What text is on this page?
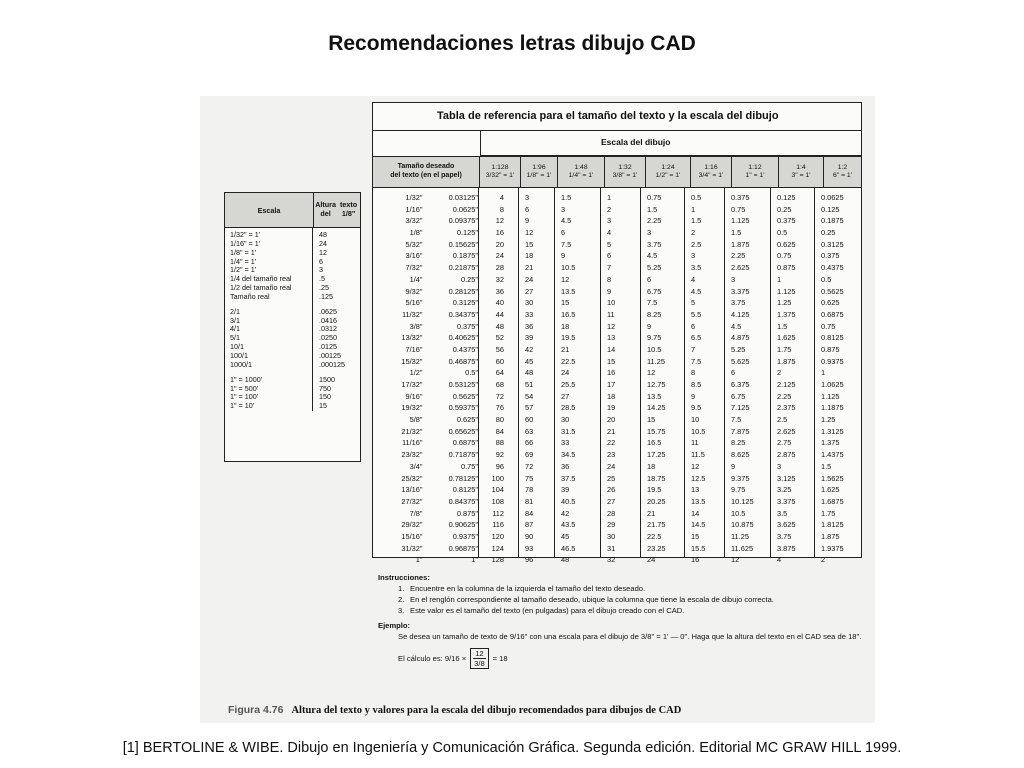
Recomendaciones letras dibujo CAD
Escala
Altura del
texto 1/8"
1/32" = 1'
1/16" = 1'
1/8" = 1'
1/4" = 1'
1/2" = 1'
1/4 del tamaño real
1/2 del tamaño real
Tamaño real
2/1
3/1
4/1
5/1
10/1
100/1
1000/1
1" = 1000'
1" = 500'
1" = 100'
1" = 10'
48
24
12
6
3
.5
.25
.125
.0625
.0416
.0312
.0250
.0125
.00125
.000125
1500
750
150
15
Tabla de referencia para el tamaño del texto y la escala del dibujo
Escala del dibujo
Tamaño deseado
del texto (en el papel)
1:128
3/32" = 1'
1:96
1/8" = 1'
1:48
1/4" = 1'
1:32
3/8" = 1'
1:24
1/2" = 1'
1:16
3/4" = 1'
1:12
1" = 1'
1:4
3" = 1'
1:2
6" = 1'
1/32"
1/16"
3/32"
1/8"
5/32"
3/16"
7/32"
1/4"
9/32"
5/16"
11/32"
3/8"
13/32"
7/16"
15/32"
1/2"
17/32"
9/16"
19/32"
5/8"
21/32"
11/16"
23/32"
3/4"
25/32"
13/16"
27/32"
7/8"
29/32"
15/16"
31/32"
1"
0.03125"
0.0625"
0.09375"
0.125"
0.15625"
0.1875"
0.21875"
0.25"
0.28125"
0.3125"
0.34375"
0.375"
0.40625"
0.4375"
0.46875"
0.5"
0.53125"
0.5625"
0.59375"
0.625"
0.65625"
0.6875"
0.71875"
0.75"
0.78125"
0.8125"
0.84375"
0.875"
0.90625"
0.9375"
0.96875"
1"
4
8
12
16
20
24
28
32
36
40
44
48
52
56
60
64
68
72
76
80
84
88
92
96
100
104
108
112
116
120
124
128
3
6
9
12
15
18
21
24
27
30
33
36
39
42
45
48
51
54
57
60
63
66
69
72
75
78
81
84
87
90
93
96
1.5
3
4.5
6
7.5
9
10.5
12
13.5
15
16.5
18
19.5
21
22.5
24
25.5
27
28.5
30
31.5
33
34.5
36
37.5
39
40.5
42
43.5
45
46.5
48
1
2
3
4
5
6
7
8
9
10
11
12
13
14
15
16
17
18
19
20
21
22
23
24
25
26
27
28
29
30
31
32
0.75
1.5
2.25
3
3.75
4.5
5.25
6
6.75
7.5
8.25
9
9.75
10.5
11.25
12
12.75
13.5
14.25
15
15.75
16.5
17.25
18
18.75
19.5
20.25
21
21.75
22.5
23.25
24
0.5
1
1.5
2
2.5
3
3.5
4
4.5
5
5.5
6
6.5
7
7.5
8
8.5
9
9.5
10
10.5
11
11.5
12
12.5
13
13.5
14
14.5
15
15.5
16
0.375
0.75
1.125
1.5
1.875
2.25
2.625
3
3.375
3.75
4.125
4.5
4.875
5.25
5.625
6
6.375
6.75
7.125
7.5
7.875
8.25
8.625
9
9.375
9.75
10.125
10.5
10.875
11.25
11.625
12
0.125
0.25
0.375
0.5
0.625
0.75
0.875
1
1.125
1.25
1.375
1.5
1.625
1.75
1.875
2
2.125
2.25
2.375
2.5
2.625
2.75
2.875
3
3.125
3.25
3.375
3.5
3.625
3.75
3.875
4
0.0625
0.125
0.1875
0.25
0.3125
0.375
0.4375
0.5
0.5625
0.625
0.6875
0.75
0.8125
0.875
0.9375
1
1.0625
1.125
1.1875
1.25
1.3125
1.375
1.4375
1.5
1.5625
1.625
1.6875
1.75
1.8125
1.875
1.9375
2
Instrucciones:
1. Encuentre en la columna de la izquierda el tamaño del texto deseado.
2. En el renglón correspondiente al tamaño deseado, ubique la columna que tiene la escala de dibujo correcta.
3. Este valor es el tamaño del texto (en pulgadas) para el dibujo creado con el CAD.
Ejemplo:
Se desea un tamaño de texto de 9/16" con una escala para el dibujo de 3/8" = 1' — 0". Haga que la altura del texto en el CAD sea de 18".
El cálculo es: $9/16 \times \frac{12}{3/8} = 18$
Figura 4.76 Altura del texto y valores para la escala del dibujo recomendados para dibujos de CAD
[1] BERTOLINE & WIBE. Dibujo en Ingeniería y Comunicación Gráfica. Segunda edición. Editorial MC GRAW HILL 1999.
